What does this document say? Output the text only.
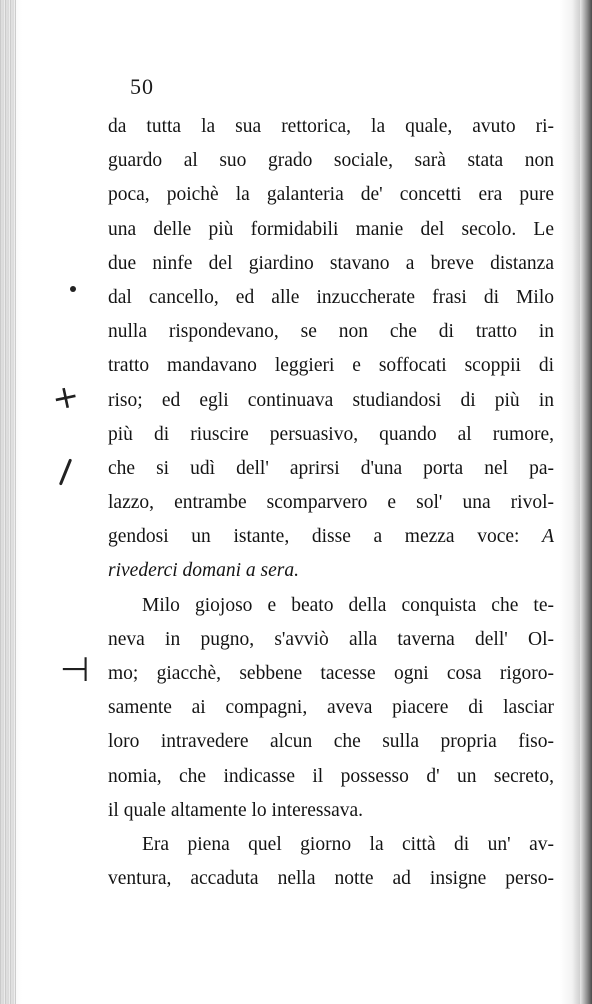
50
+
⊣
da tutta la sua rettorica, la quale, avuto ri-
guardo al suo grado sociale, sarà stata non
poca, poichè la galanteria de' concetti era pure
una delle più formidabili manie del secolo. Le
due ninfe del giardino stavano a breve distanza
dal cancello, ed alle inzuccherate frasi di Milo
nulla rispondevano, se non che di tratto in
tratto mandavano leggieri e soffocati scoppii di
riso; ed egli continuava studiandosi di più in
più di riuscire persuasivo, quando al rumore,
che si udì dell' aprirsi d'una porta nel pa-
lazzo, entrambe scomparvero e sol' una rivol-
gendosi un istante, disse a mezza voce: A
rivederci domani a sera.
Milo giojoso e beato della conquista che te-
neva in pugno, s'avviò alla taverna dell' Ol-
mo; giacchè, sebbene tacesse ogni cosa rigoro-
samente ai compagni, aveva piacere di lasciar
loro intravedere alcun che sulla propria fiso-
nomia, che indicasse il possesso d' un secreto,
il quale altamente lo interessava.
Era piena quel giorno la città di un' av-
ventura, accaduta nella notte ad insigne perso-
